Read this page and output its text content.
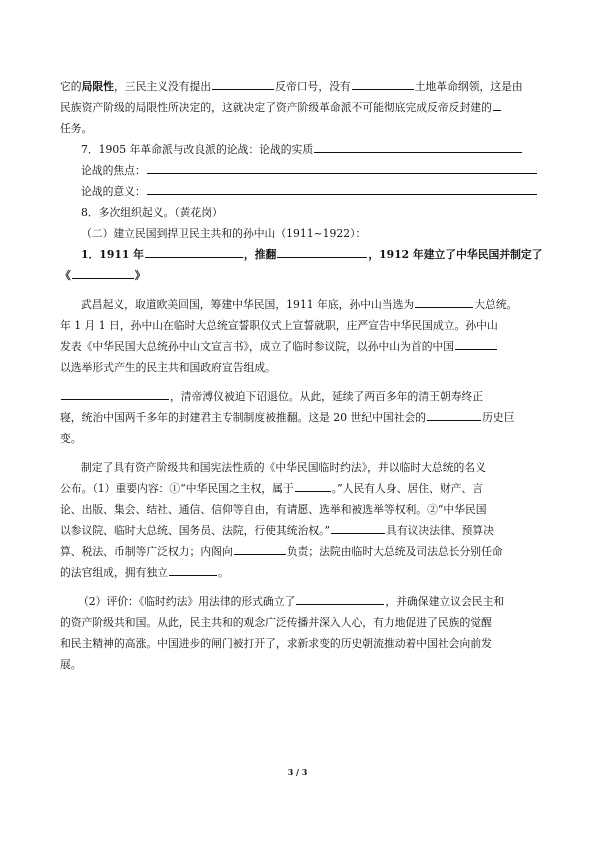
它的局限性，三民主义没有提出	反帝口号，没有	土地革命纲领，这是由
民族资产阶级的局限性所决定的，这就决定了资产阶级革命派不可能彻底完成反帝反封建的
任务。
7．1905 年革命派与改良派的论战：论战的实质
论战的焦点：
论战的意义：
8．多次组织起义。（黄花岗）
（二）建立民国到捍卫民主共和的孙中山（1911~1922）：
1．1911 年	，推翻	，1912 年建立了中华民国并制定了
《	》
武昌起义，取道欧美回国，筹建中华民国，1911 年底，孙中山当选为	大总统。
年 1 月 1 日，孙中山在临时大总统宣誓职仪式上宣誓就职，庄严宣告中华民国成立。孙中山
发表《中华民国大总统孙中山文宣言书》，成立了临时参议院，以孙中山为首的中国
以选举形式产生的民主共和国政府宣告组成。
，清帝溥仪被迫下诏退位。从此，延续了两百多年的清王朝寿终正
寝，统治中国两千多年的封建君主专制制度被推翻。这是 20 世纪中国社会的	历史巨
变。
制定了具有资产阶级共和国宪法性质的《中华民国临时约法》，并以临时大总统的名义
公布。（1）重要内容：①“中华民国之主权，属于	。”人民有人身、居住、财产、言
论、出版、集会、结社、通信、信仰等自由，有请愿、选举和被选举等权利。②“中华民国
以参议院、临时大总统、国务员、法院，行使其统治权。”	具有议决法律、预算决
算、税法、币制等广泛权力；内阁向	负责；法院由临时大总统及司法总长分别任命
的法官组成，拥有独立	。
（2）评价：《临时约法》用法律的形式确立了	，并确保建立议会民主和
的资产阶级共和国。从此，民主共和的观念广泛传播并深入人心，有力地促进了民族的觉醒
和民主精神的高涨。中国进步的闸门被打开了，求新求变的历史朝流推动着中国社会向前发
展。
3 / 3
